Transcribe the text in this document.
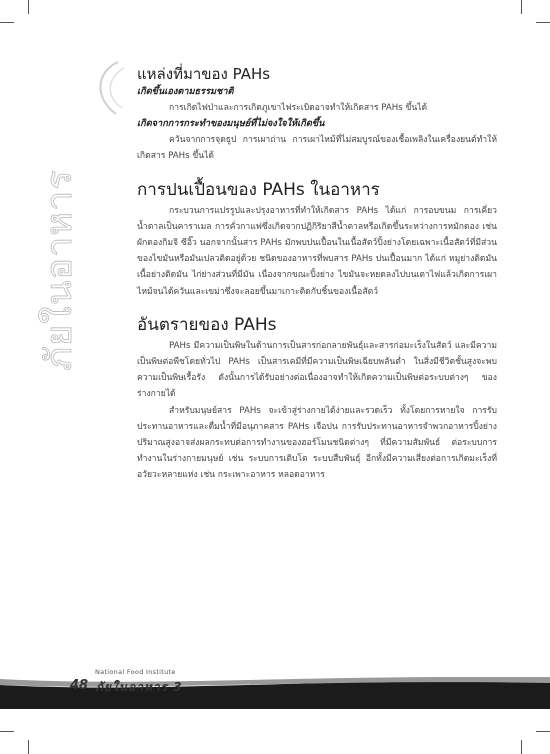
ภัยในอาหาร
แหล่งที่มาของ PAHs
เกิดขึ้นเองตามธรรมชาติ

การเกิดไฟป่าและการเกิดภูเขาไฟระเบิดอาจทำให้เกิดสาร PAHs ขึ้นได้

เกิดจากการกระทำของมนุษย์ที่ไม่จงใจให้เกิดขึ้น

ควันจากการจุดธูป การเผาถ่าน การเผาไหม้ที่ไม่สมบูรณ์ของเชื้อเพลิงในเครื่องยนต์ทำให้เกิดสาร PAHs ขึ้นได้

การปนเปื้อนของ PAHs ในอาหาร

กระบวนการแปรรูปและปรุงอาหารที่ทำให้เกิดสาร PAHs ได้แก่ การอบขนม การเคี่ยวน้ำตาลเป็นคาราเมล การคั่วกาแฟซึ่งเกิดจากปฏิกิริยาสีน้ำตาลหรือเกิดขึ้นระหว่างการหมักดอง เช่น ผักดองกิมจิ ซีอิ๊ว นอกจากนั้นสาร PAHs มักพบปนเปื้อนในเนื้อสัตว์ปิ้งย่างโดยเฉพาะเนื้อสัตว์ที่มีส่วนของไขมันหรือมันเปลวติดอยู่ด้วย ชนิดของอาหารที่พบสาร PAHs ปนเปื้อนมาก ได้แก่ หมูย่างติดมัน เนื้อย่างติดมัน ไก่ย่างส่วนที่มีมัน เนื่องจากขณะปิ้งย่าง ไขมันจะหยดลงไปบนเตาไฟแล้วเกิดการเผาไหม้จนได้ควันและเขม่าซึ่งจะลอยขึ้นมาเกาะติดกับชิ้นของเนื้อสัตว์

อันตรายของ PAHs

PAHs มีความเป็นพิษในด้านการเป็นสารก่อกลายพันธุ์และสารก่อมะเร็งในสัตว์ และมีความเป็นพิษต่อพืชโดยทั่วไป PAHs เป็นสารเคมีที่มีความเป็นพิษเฉียบพลันต่ำ ในสิ่งมีชีวิตชั้นสูงจะพบความเป็นพิษเรื้อรัง ดังนั้นการได้รับอย่างต่อเนื่องอาจทำให้เกิดความเป็นพิษต่อระบบต่างๆ ของร่างกายได้

สำหรับมนุษย์สาร PAHs จะเข้าสู่ร่างกายได้ง่ายและรวดเร็ว ทั้งโดยการหายใจ การรับประทานอาหารและดื่มน้ำที่มีอนุภาคสาร PAHs เจือปน การรับประทานอาหารจำพวกอาหารปิ้งย่างปริมาณสูงอาจส่งผลกระทบต่อการทำงานของฮอร์โมนชนิดต่างๆ ที่มีความสัมพันธ์ ต่อระบบการทำงานในร่างกายมนุษย์ เช่น ระบบการเติบโต ระบบสืบพันธุ์ อีกทั้งมีความเสี่ยงต่อการเกิดมะเร็งที่อวัยวะหลายแห่ง เช่น กระเพาะอาหาร หลอดอาหาร

National Food Institute
48 ภัยในอาหาร 3
